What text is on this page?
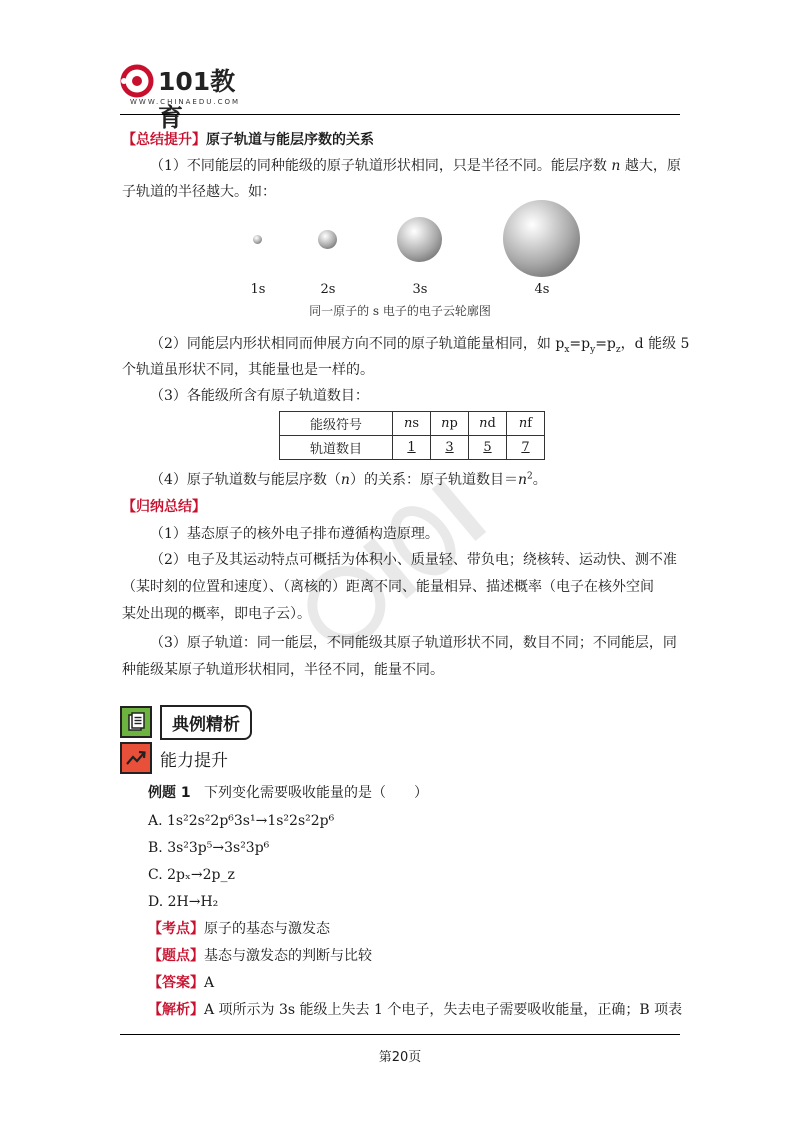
101教育
WWW.CHINAEDU.COM
【总结提升】原子轨道与能层序数的关系
（1）不同能层的同种能级的原子轨道形状相同，只是半径不同。能层序数 n 越大，原
子轨道的半径越大。如：
1s	2s	3s	4s
同一原子的 s 电子的电子云轮廓图
（2）同能层内形状相同而伸展方向不同的原子轨道能量相同，如 $p_x=p_y=p_z$，d 能级 5
个轨道虽形状不同，其能量也是一样的。
（3）各能级所含有原子轨道数目：
能级符号	ns	np	nd	nf
轨道数目	1	3	5	7
（4）原子轨道数与能层序数（n）的关系：原子轨道数目$=n^2$。
【归纳总结】
（1）基态原子的核外电子排布遵循构造原理。
（2）电子及其运动特点可概括为体积小、质量轻、带负电；绕核转、运动快、测不准
（某时刻的位置和速度）、（离核的）距离不同、能量相异、描述概率（电子在核外空间
某处出现的概率，即电子云）。
（3）原子轨道：同一能层，不同能级其原子轨道形状不同，数目不同；不同能层，同
种能级某原子轨道形状相同，半径不同，能量不同。
典例精析
能力提升
例题 1 下列变化需要吸收能量的是（　　）
A. 1s²2s²2p⁶3s¹→1s²2s²2p⁶
B. 3s²3p⁵→3s²3p⁶
C. 2pₓ→2p_z
D. 2H→H₂
【考点】原子的基态与激发态
【题点】基态与激发态的判断与比较
【答案】A
【解析】A 项所示为 3s 能级上失去 1 个电子，失去电子需要吸收能量，正确；B 项表
第20页
